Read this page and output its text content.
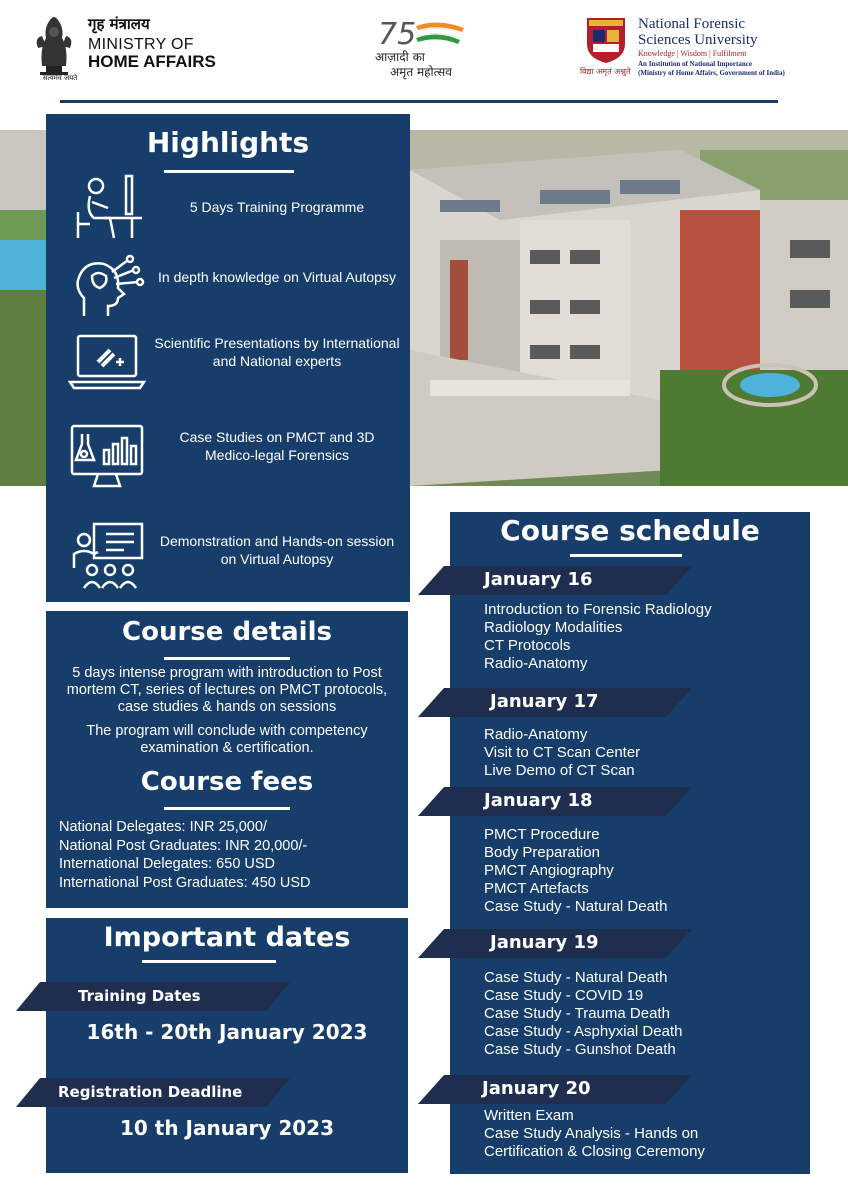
गृह मंत्रालय
MINISTRY OF
HOME AFFAIRS
सत्यमेव जयते
75
आज़ादी का
अमृत महोत्सव
National Forensic
Sciences University
Knowledge | Wisdom | Fulfilment
An Institution of National Importance
(Ministry of Home Affairs, Government of India)
विद्या अमृतं अश्नुते
Highlights
5 Days Training Programme
In depth knowledge on Virtual Autopsy
Scientific Presentations by International and National experts
Case Studies on PMCT and 3D Medico-legal Forensics
Demonstration and Hands-on session on Virtual Autopsy
Course details
5 days intense program with introduction to Post mortem CT, series of lectures on PMCT protocols, case studies & hands on sessions
The program will conclude with competency examination & certification.
Course fees
National Delegates: INR 25,000/
National Post Graduates: INR 20,000/-
International Delegates: 650 USD
International Post Graduates: 450 USD
Important dates
Training Dates
16th - 20th January 2023
Registration Deadline
10 th January 2023
Course schedule
January 16
Introduction to Forensic Radiology
Radiology Modalities
CT Protocols
Radio-Anatomy
January 17
Radio-Anatomy
Visit to CT Scan Center
Live Demo of CT Scan
January 18
PMCT Procedure
Body Preparation
PMCT Angiography
PMCT Artefacts
Case Study - Natural Death
January 19
Case Study - Natural Death
Case Study - COVID 19
Case Study - Trauma Death
Case Study - Asphyxial Death
Case Study - Gunshot Death
January 20
Written Exam
Case Study Analysis - Hands on
Certification & Closing Ceremony
